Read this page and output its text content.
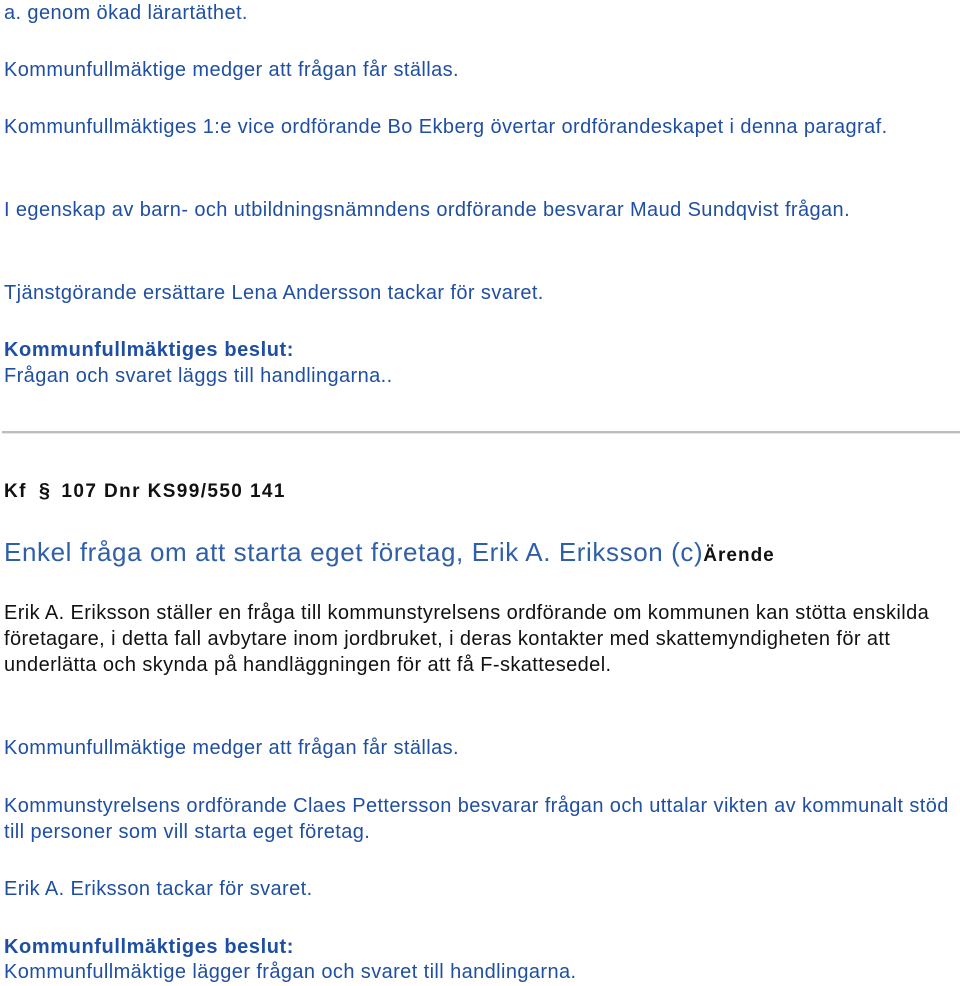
a. genom ökad lärartäthet.

Kommunfullmäktige medger att frågan får ställas.

Kommunfullmäktiges 1:e vice ordförande Bo Ekberg övertar ordförandeskapet i denna paragraf.

I egenskap av barn- och utbildningsnämndens ordförande besvarar Maud Sundqvist frågan.

Tjänstgörande ersättare Lena Andersson tackar för svaret.

Kommunfullmäktiges beslut:

Frågan och svaret läggs till handlingarna..

Kf § 107 Dnr KS99/550 141
Enkel fråga om att starta eget företag, Erik A. Eriksson (c)Ärende

Erik A. Eriksson ställer en fråga till kommunstyrelsens ordförande om kommunen kan stötta enskilda företagare, i detta fall avbytare inom jordbruket, i deras kontakter med skattemyndigheten för att underlätta och skynda på handläggningen för att få F-skattesedel.

Kommunfullmäktige medger att frågan får ställas.

Kommunstyrelsens ordförande Claes Pettersson besvarar frågan och uttalar vikten av kommunalt stöd till personer som vill starta eget företag.

Erik A. Eriksson tackar för svaret.

Kommunfullmäktiges beslut:

Kommunfullmäktige lägger frågan och svaret till handlingarna.
